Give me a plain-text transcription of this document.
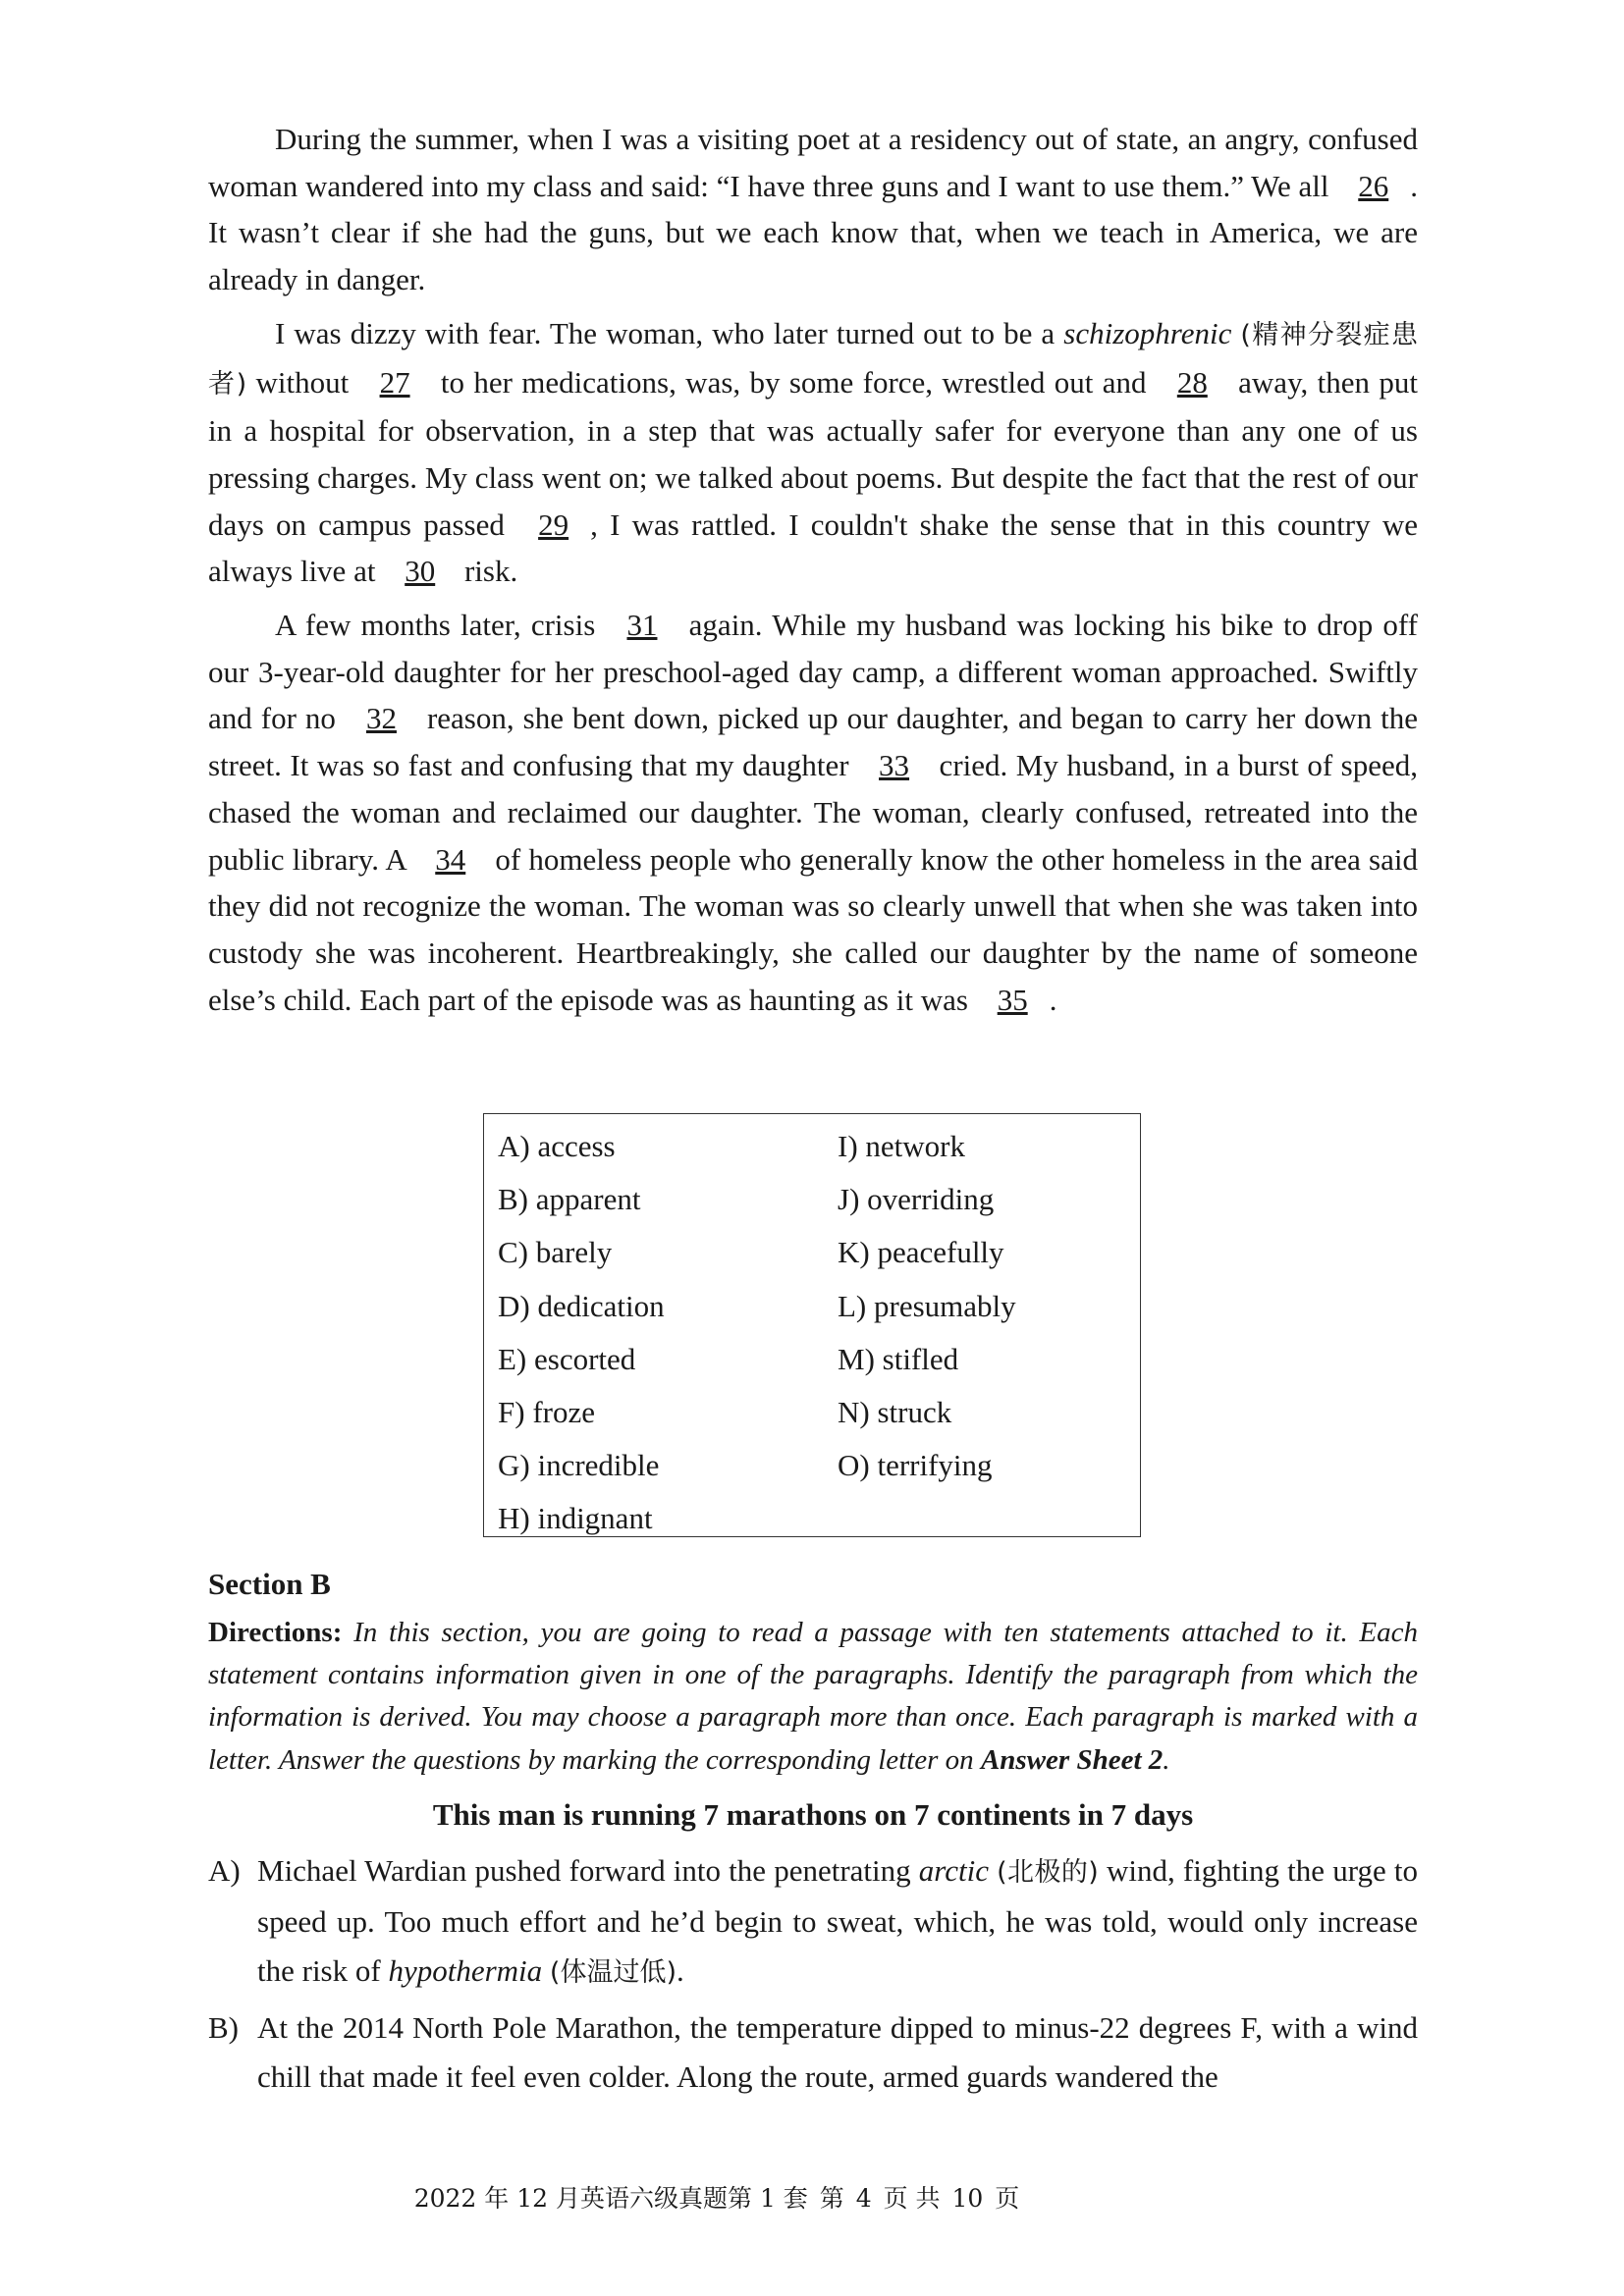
During the summer, when I was a visiting poet at a residency out of state, an angry, confused woman wandered into my class and said: “I have three guns and I want to use them.” We all 26 . It wasn’t clear if she had the guns, but we each know that, when we teach in America, we are already in danger.

I was dizzy with fear. The woman, who later turned out to be a schizophrenic (精神分裂症患者) without 27 to her medications, was, by some force, wrestled out and 28 away, then put in a hospital for observation, in a step that was actually safer for everyone than any one of us pressing charges. My class went on; we talked about poems. But despite the fact that the rest of our days on campus passed 29 , I was rattled. I couldn't shake the sense that in this country we always live at 30 risk.

A few months later, crisis 31 again. While my husband was locking his bike to drop off our 3-year-old daughter for her preschool-aged day camp, a different woman approached. Swiftly and for no 32 reason, she bent down, picked up our daughter, and began to carry her down the street. It was so fast and confusing that my daughter 33 cried. My husband, in a burst of speed, chased the woman and reclaimed our daughter. The woman, clearly confused, retreated into the public library. A 34 of homeless people who generally know the other homeless in the area said they did not recognize the woman. The woman was so clearly unwell that when she was taken into custody she was incoherent. Heartbreakingly, she called our daughter by the name of someone else’s child. Each part of the episode was as haunting as it was 35 .

A) access
B) apparent
C) barely
D) dedication
E) escorted
F) froze
G) incredible
H) indignant
I) network
J) overriding
K) peacefully
L) presumably
M) stifled
N) struck
O) terrifying
Section B

Directions: In this section, you are going to read a passage with ten statements attached to it. Each statement contains information given in one of the paragraphs. Identify the paragraph from which the information is derived. You may choose a paragraph more than once. Each paragraph is marked with a letter. Answer the questions by marking the corresponding letter on Answer Sheet 2.

This man is running 7 marathons on 7 continents in 7 days

A) Michael Wardian pushed forward into the penetrating arctic (北极的) wind, fighting the urge to speed up. Too much effort and he’d begin to sweat, which, he was told, would only increase the risk of hypothermia (体温过低).

B) At the 2014 North Pole Marathon, the temperature dipped to minus-22 degrees F, with a wind chill that made it feel even colder. Along the route, armed guards wandered the

2022 年 12 月英语六级真题第 1 套 第 4 页 共 10 页
